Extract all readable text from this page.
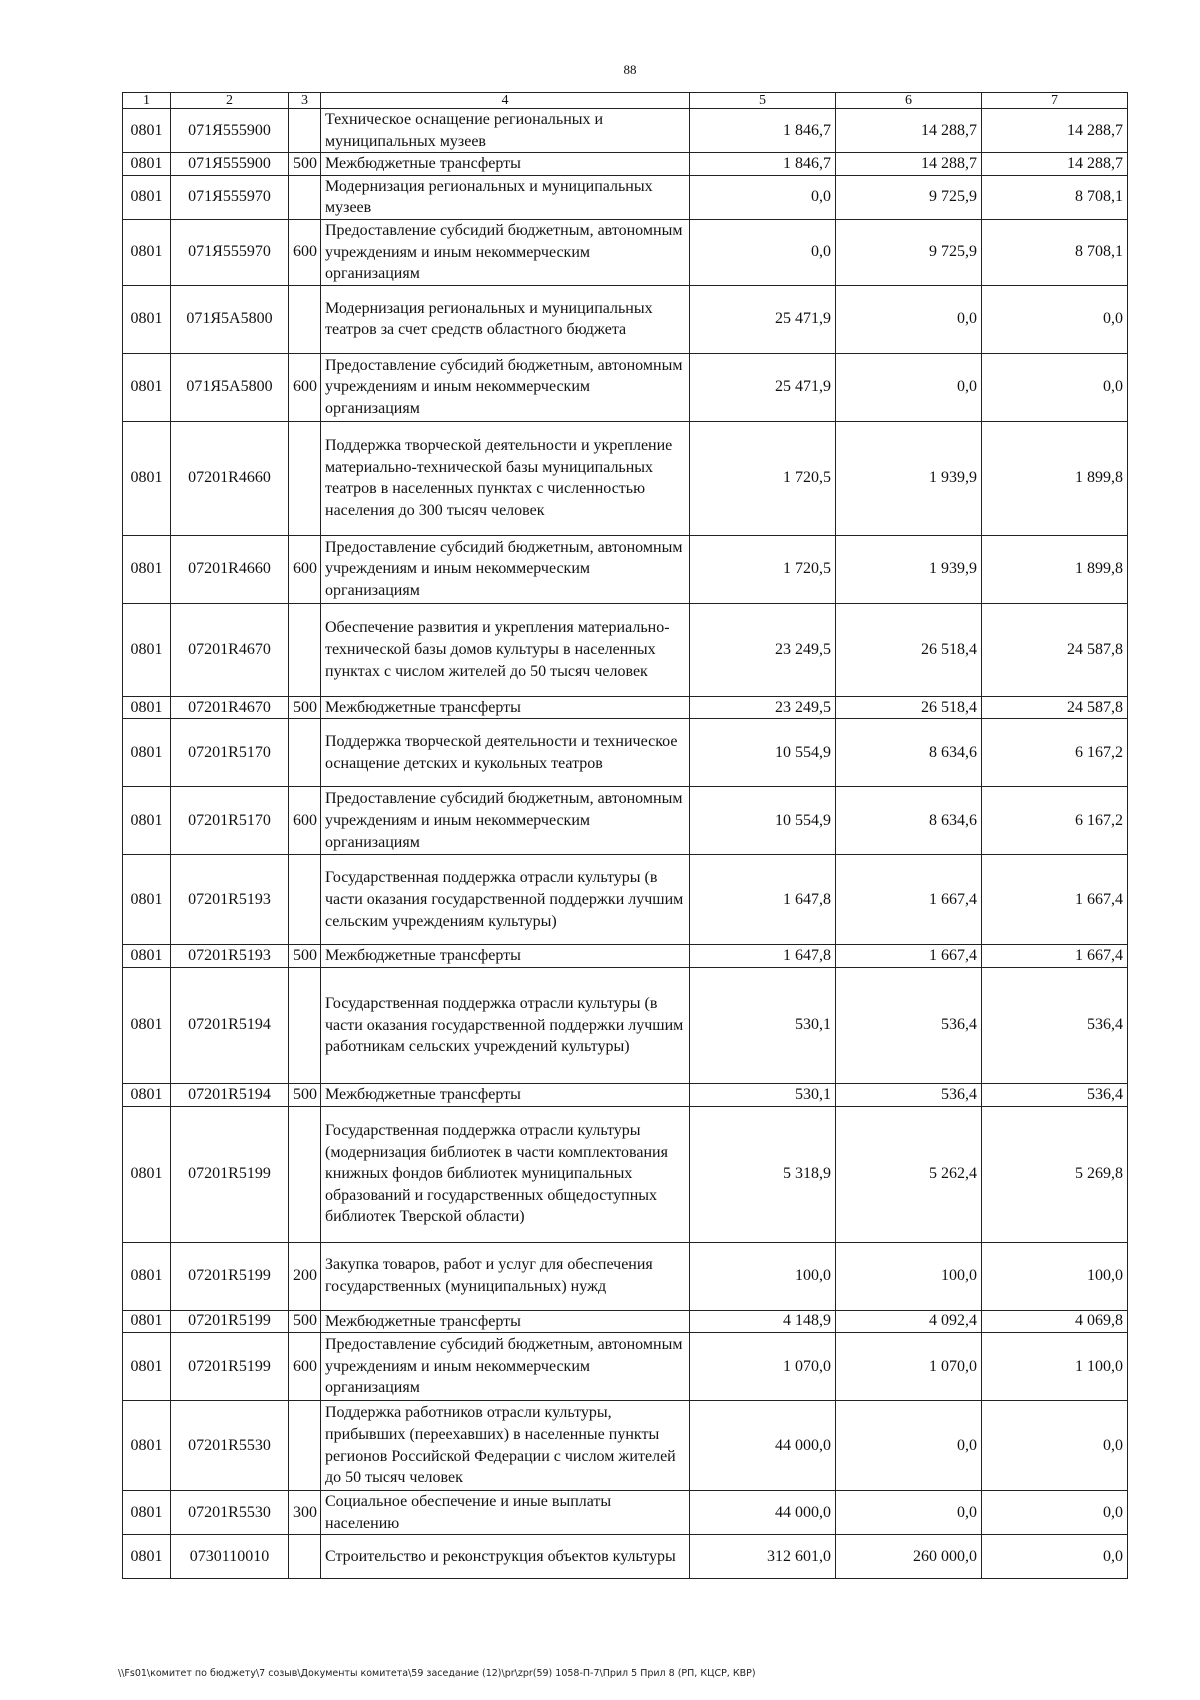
88
1	2	3	4	5	6	7
0801	071Я555900		Техническое оснащение региональных и муниципальных музеев	1 846,7	14 288,7	14 288,7
0801	071Я555900	500	Межбюджетные трансферты	1 846,7	14 288,7	14 288,7
0801	071Я555970		Модернизация региональных и муниципальных музеев	0,0	9 725,9	8 708,1
0801	071Я555970	600	Предоставление субсидий бюджетным, автономным учреждениям и иным некоммерческим организациям	0,0	9 725,9	8 708,1
0801	071Я5А5800		Модернизация региональных и муниципальных театров за счет средств областного бюджета	25 471,9	0,0	0,0
0801	071Я5А5800	600	Предоставление субсидий бюджетным, автономным учреждениям и иным некоммерческим организациям	25 471,9	0,0	0,0
0801	07201R4660		Поддержка творческой деятельности и укрепление материально-технической базы муниципальных театров в населенных пунктах с численностью населения до 300 тысяч человек	1 720,5	1 939,9	1 899,8
0801	07201R4660	600	Предоставление субсидий бюджетным, автономным учреждениям и иным некоммерческим организациям	1 720,5	1 939,9	1 899,8
0801	07201R4670		Обеспечение развития и укрепления материально-технической базы домов культуры в населенных пунктах с числом жителей до 50 тысяч человек	23 249,5	26 518,4	24 587,8
0801	07201R4670	500	Межбюджетные трансферты	23 249,5	26 518,4	24 587,8
0801	07201R5170		Поддержка творческой деятельности и техническое оснащение детских и кукольных театров	10 554,9	8 634,6	6 167,2
0801	07201R5170	600	Предоставление субсидий бюджетным, автономным учреждениям и иным некоммерческим организациям	10 554,9	8 634,6	6 167,2
0801	07201R5193		Государственная поддержка отрасли культуры (в части оказания государственной поддержки лучшим сельским учреждениям культуры)	1 647,8	1 667,4	1 667,4
0801	07201R5193	500	Межбюджетные трансферты	1 647,8	1 667,4	1 667,4
0801	07201R5194		Государственная поддержка отрасли культуры (в части оказания государственной поддержки лучшим работникам сельских учреждений культуры)	530,1	536,4	536,4
0801	07201R5194	500	Межбюджетные трансферты	530,1	536,4	536,4
0801	07201R5199		Государственная поддержка отрасли культуры (модернизация библиотек в части комплектования книжных фондов библиотек муниципальных образований и государственных общедоступных библиотек Тверской области)	5 318,9	5 262,4	5 269,8
0801	07201R5199	200	Закупка товаров, работ и услуг для обеспечения государственных (муниципальных) нужд	100,0	100,0	100,0
0801	07201R5199	500	Межбюджетные трансферты	4 148,9	4 092,4	4 069,8
0801	07201R5199	600	Предоставление субсидий бюджетным, автономным учреждениям и иным некоммерческим организациям	1 070,0	1 070,0	1 100,0
0801	07201R5530		Поддержка работников отрасли культуры, прибывших (переехавших) в населенные пункты регионов Российской Федерации с числом жителей до 50 тысяч человек	44 000,0	0,0	0,0
0801	07201R5530	300	Социальное обеспечение и иные выплаты населению	44 000,0	0,0	0,0
0801	0730110010		Строительство и реконструкция объектов культуры	312 601,0	260 000,0	0,0
\\Fs01\комитет по бюджету\7 созыв\Документы комитета\59 заседание (12)\pr\zpr(59) 1058-П-7\Прил 5 Прил 8 (РП, КЦСР, КВР)
